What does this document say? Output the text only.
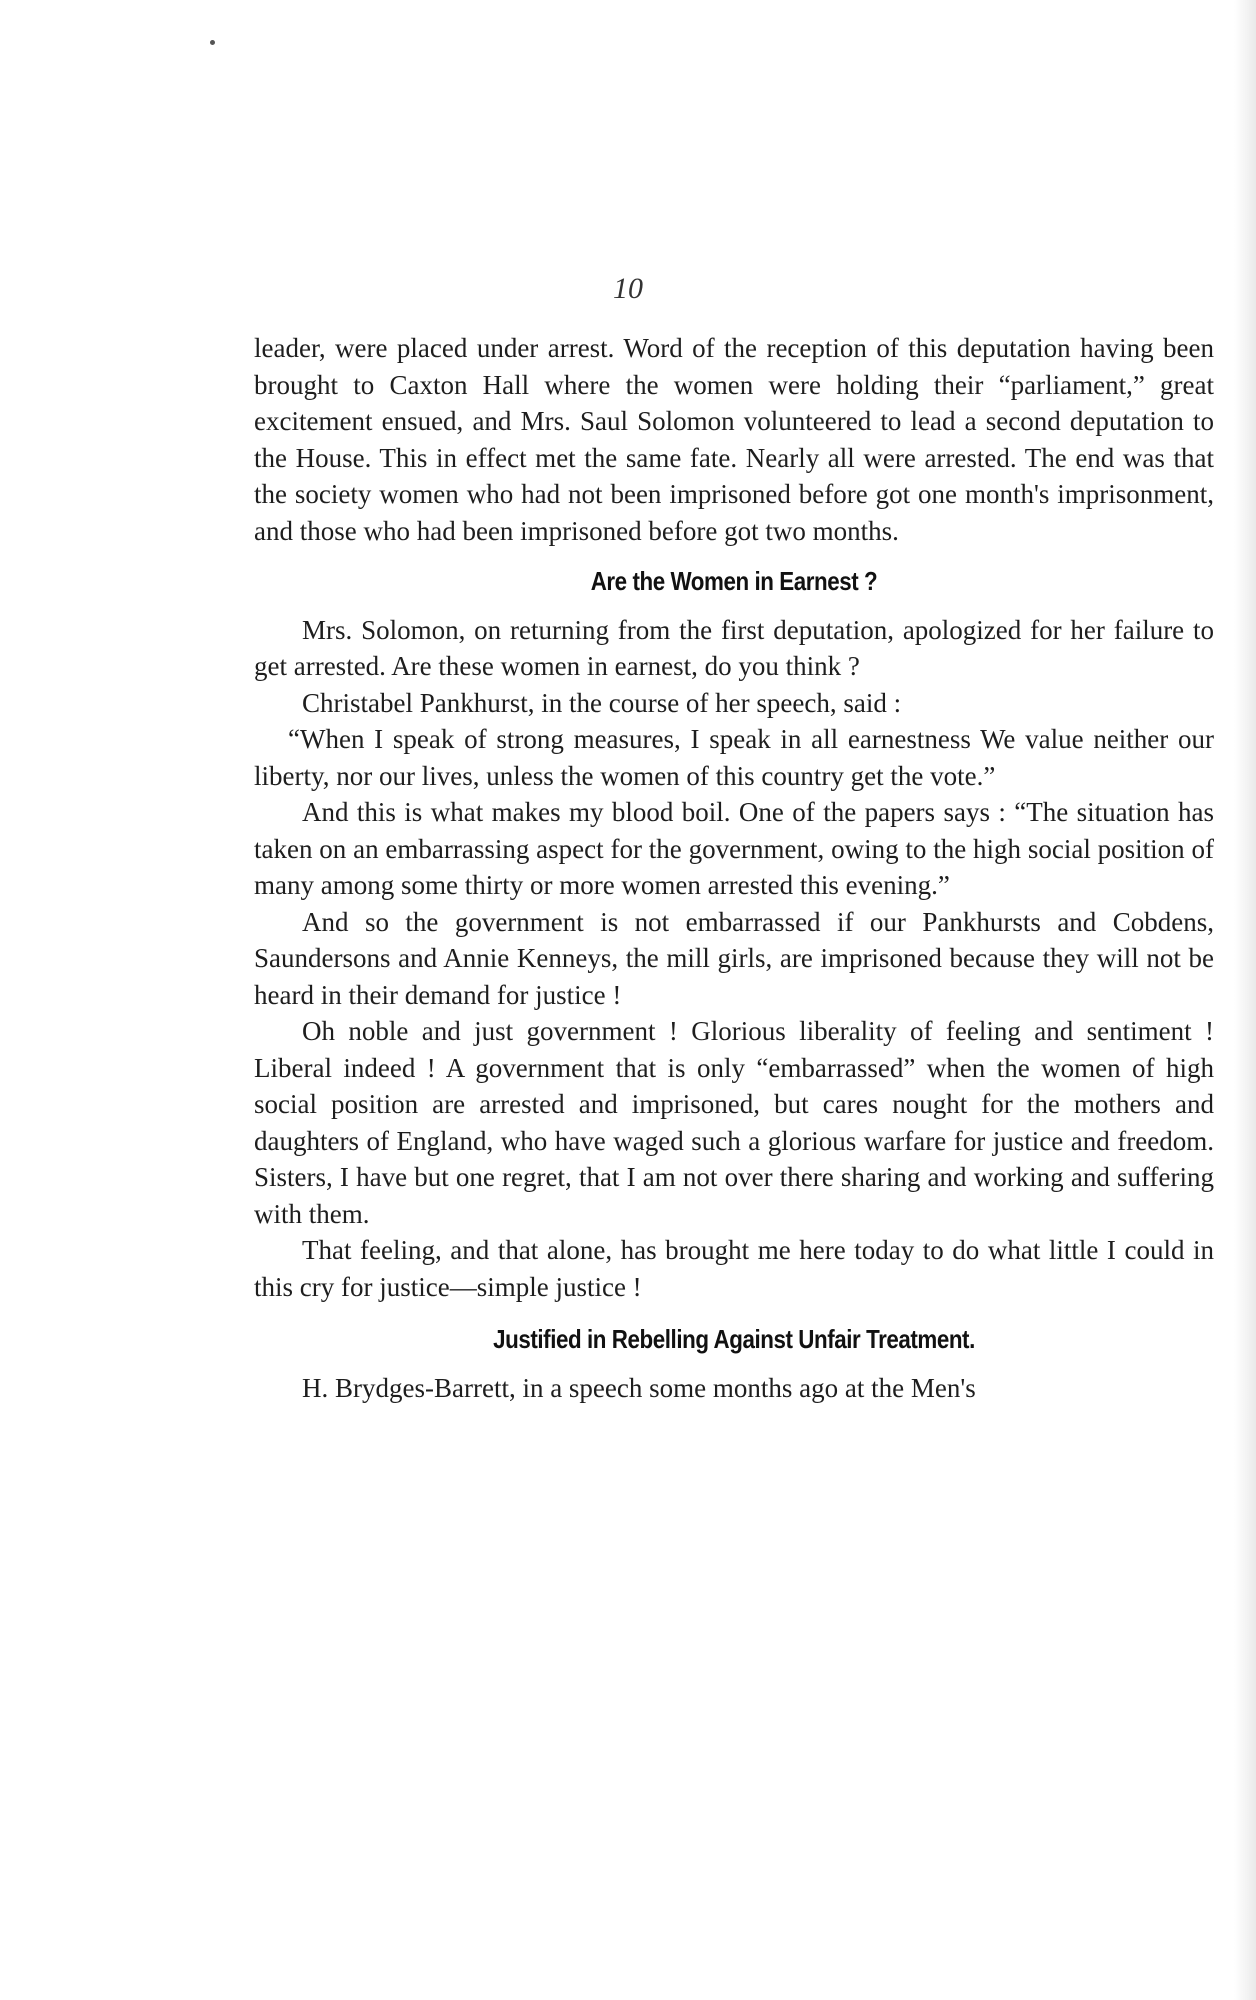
10

leader, were placed under arrest. Word of the reception of this deputation having been brought to Caxton Hall where the women were holding their “parliament,” great excitement ensued, and Mrs. Saul Solomon volunteered to lead a second deputation to the House. This in effect met the same fate. Nearly all were arrested. The end was that the society women who had not been imprisoned before got one month's imprisonment, and those who had been imprisoned before got two months.

Are the Women in Earnest ?

Mrs. Solomon, on returning from the first deputation, apologized for her failure to get arrested. Are these women in earnest, do you think ?

Christabel Pankhurst, in the course of her speech, said :

“When I speak of strong measures, I speak in all earnestness We value neither our liberty, nor our lives, unless the women of this country get the vote.”

And this is what makes my blood boil. One of the papers says : “The situation has taken on an embarrassing aspect for the government, owing to the high social position of many among some thirty or more women arrested this evening.”

And so the government is not embarrassed if our Pankhursts and Cobdens, Saundersons and Annie Kenneys, the mill girls, are imprisoned because they will not be heard in their demand for justice !

Oh noble and just government ! Glorious liberality of feeling and sentiment ! Liberal indeed ! A government that is only “embarrassed” when the women of high social position are arrested and imprisoned, but cares nought for the mothers and daughters of England, who have waged such a glorious warfare for justice and freedom. Sisters, I have but one regret, that I am not over there sharing and working and suffering with them.

That feeling, and that alone, has brought me here today to do what little I could in this cry for justice—simple justice !

Justified in Rebelling Against Unfair Treatment.

H. Brydges-Barrett, in a speech some months ago at the Men's
